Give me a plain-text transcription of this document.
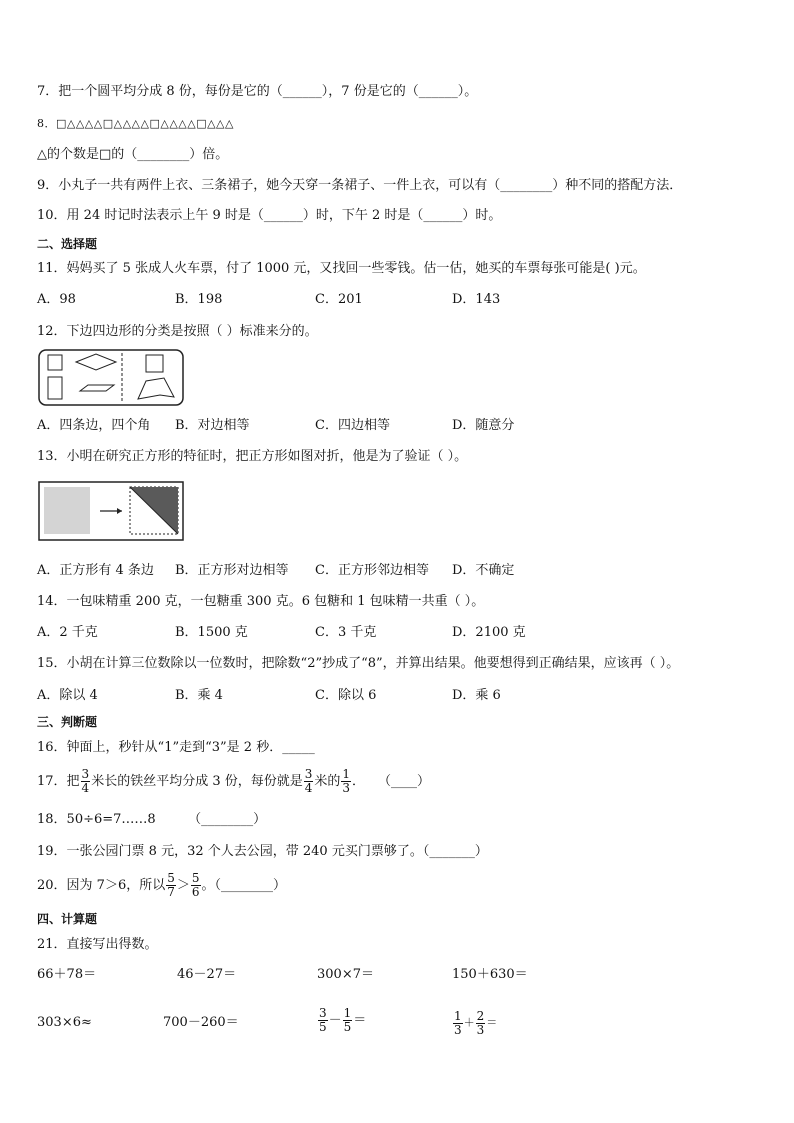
7．把一个圆平均分成 8 份，每份是它的（______），7 份是它的（______）。
8．□△△△△□△△△△□△△△△□△△△
△的个数是□的（________）倍。
9．小丸子一共有两件上衣、三条裙子，她今天穿一条裙子、一件上衣，可以有（________）种不同的搭配方法．
10．用 24 时记时法表示上午 9 时是（______）时，下午 2 时是（______）时。
二、选择题
11．妈妈买了 5 张成人火车票，付了 1000 元，又找回一些零钱。估一估，她买的车票每张可能是( )元。
A．98	B．198	C．201	D．143
12．下边四边形的分类是按照（ ）标准来分的。
A．四条边，四个角 B．对边相等	C．四边相等	D．随意分
13．小明在研究正方形的特征时，把正方形如图对折，他是为了验证（ ）。
A．正方形有 4 条边 B．正方形对边相等 C．正方形邻边相等 D．不确定
14．一包味精重 200 克，一包糖重 300 克。6 包糖和 1 包味精一共重（ ）。
A．2 千克	B．1500 克	C．3 千克	D．2100 克
15．小胡在计算三位数除以一位数时，把除数“2”抄成了“8”，并算出结果。他要想得到正确结果，应该再（ ）。
A．除以 4	B．乘 4	C．除以 6	D．乘 6
三、判断题
16．钟面上，秒针从“1”走到“3”是 2 秒．_____
17．把 $\frac{3}{4}$ 米长的铁丝平均分成 3 份，每份就是 $\frac{3}{4}$ 米的 $\frac{1}{3}$ ．　　（____）
18．50÷6=7……8　　　（________）
19．一张公园门票 8 元，32 个人去公园，带 240 元买门票够了。（_______）
20．因为 7＞6，所以 $\frac{5}{7} > \frac{5}{6}$ 。（________）
四、计算题
21．直接写出得数。
66＋78＝	46－27＝	300×7＝	150＋630＝
303×6≈	700－260＝	$\frac{3}{5} - \frac{1}{5}$ ＝	$\frac{1}{3} + \frac{2}{3}$ ＝
